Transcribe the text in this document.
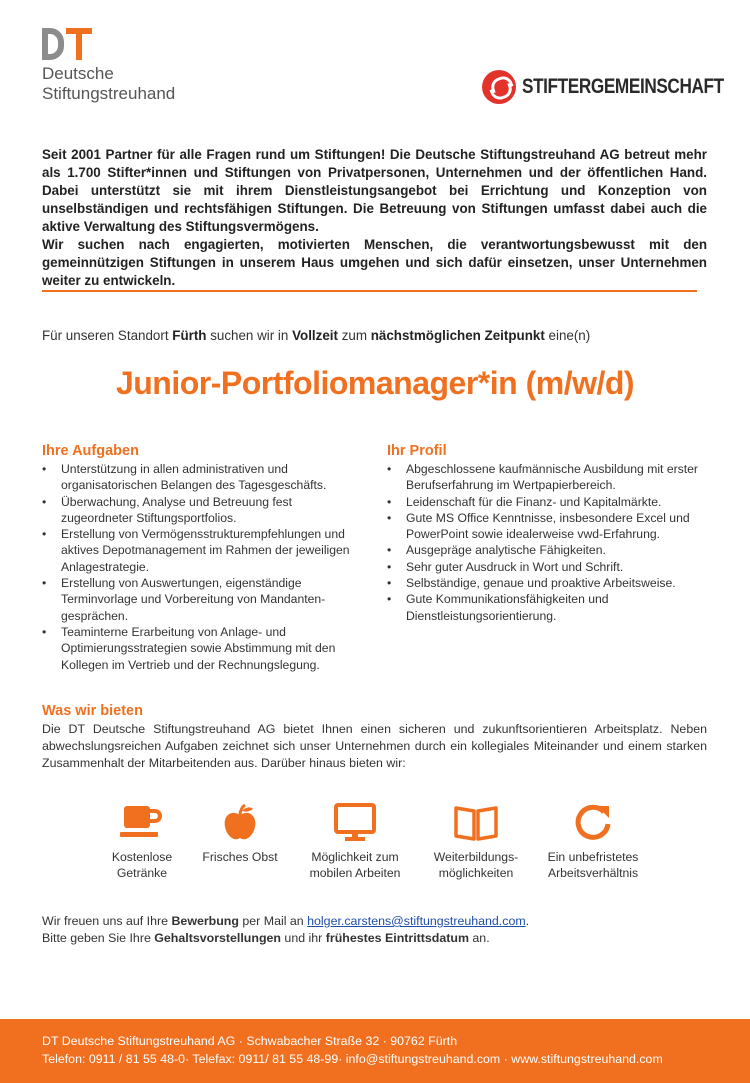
Deutsche
Stiftungstreuhand	STIFTERGEMEINSCHAFT

Seit 2001 Partner für alle Fragen rund um Stiftungen! Die Deutsche Stiftungstreuhand AG betreut mehr als 1.700 Stifter*innen und Stiftungen von Privatpersonen, Unternehmen und der öffentlichen Hand. Dabei unterstützt sie mit ihrem Dienstleistungsangebot bei Errichtung und Konzeption von unselbständigen und rechtsfähigen Stiftungen. Die Betreuung von Stiftungen umfasst dabei auch die aktive Verwaltung des Stiftungsvermögens.

Wir suchen nach engagierten, motivierten Menschen, die verantwortungsbewusst mit den gemeinnützigen Stiftungen in unserem Haus umgehen und sich dafür einsetzen, unser Unternehmen weiter zu entwickeln.

Für unseren Standort Fürth suchen wir in Vollzeit zum nächstmöglichen Zeitpunkt eine(n)
Junior-Portfoliomanager*in (m/w/d)
Ihre Aufgaben
• Unterstützung in allen administrativen und organisatorischen Belangen des Tagesgeschäfts.
• Überwachung, Analyse und Betreuung fest zugeordneter Stiftungsportfolios.
• Erstellung von Vermögensstrukturempfehlungen und aktives Depotmanagement im Rahmen der jeweiligen Anlagestrategie.
• Erstellung von Auswertungen, eigenständige Terminvorlage und Vorbereitung von Mandanten-gesprächen.
• Teaminterne Erarbeitung von Anlage- und Optimierungsstrategien sowie Abstimmung mit den Kollegen im Vertrieb und der Rechnungslegung.
Ihr Profil
• Abgeschlossene kaufmännische Ausbildung mit erster Berufserfahrung im Wertpapierbereich.
• Leidenschaft für die Finanz- und Kapitalmärkte.
• Gute MS Office Kenntnisse, insbesondere Excel und PowerPoint sowie idealerweise vwd-Erfahrung.
• Ausgepräge analytische Fähigkeiten.
• Sehr guter Ausdruck in Wort und Schrift.
• Selbständige, genaue und proaktive Arbeitsweise.
• Gute Kommunikationsfähigkeiten und Dienstleistungsorientierung.
Was wir bieten

Die DT Deutsche Stiftungstreuhand AG bietet Ihnen einen sicheren und zukunftsorientieren Arbeitsplatz. Neben abwechslungsreichen Aufgaben zeichnet sich unser Unternehmen durch ein kollegiales Miteinander und einem starken Zusammenhalt der Mitarbeitenden aus. Darüber hinaus bieten wir:

Kostenlose
Getränke
Frisches Obst	Möglichkeit zum
mobilen Arbeiten
Weiterbildungs-
möglichkeiten
Ein unbefristetes
Arbeitsverhältnis
Wir freuen uns auf Ihre Bewerbung per Mail an holger.carstens@stiftungstreuhand.com.
Bitte geben Sie Ihre Gehaltsvorstellungen und ihr frühestes Eintrittsdatum an.
DT Deutsche Stiftungstreuhand AG · Schwabacher Straße 32 · 90762 Fürth
Telefon: 0911 / 81 55 48-0· Telefax: 0911/ 81 55 48-99· info@stiftungstreuhand.com · www.stiftungstreuhand.com
